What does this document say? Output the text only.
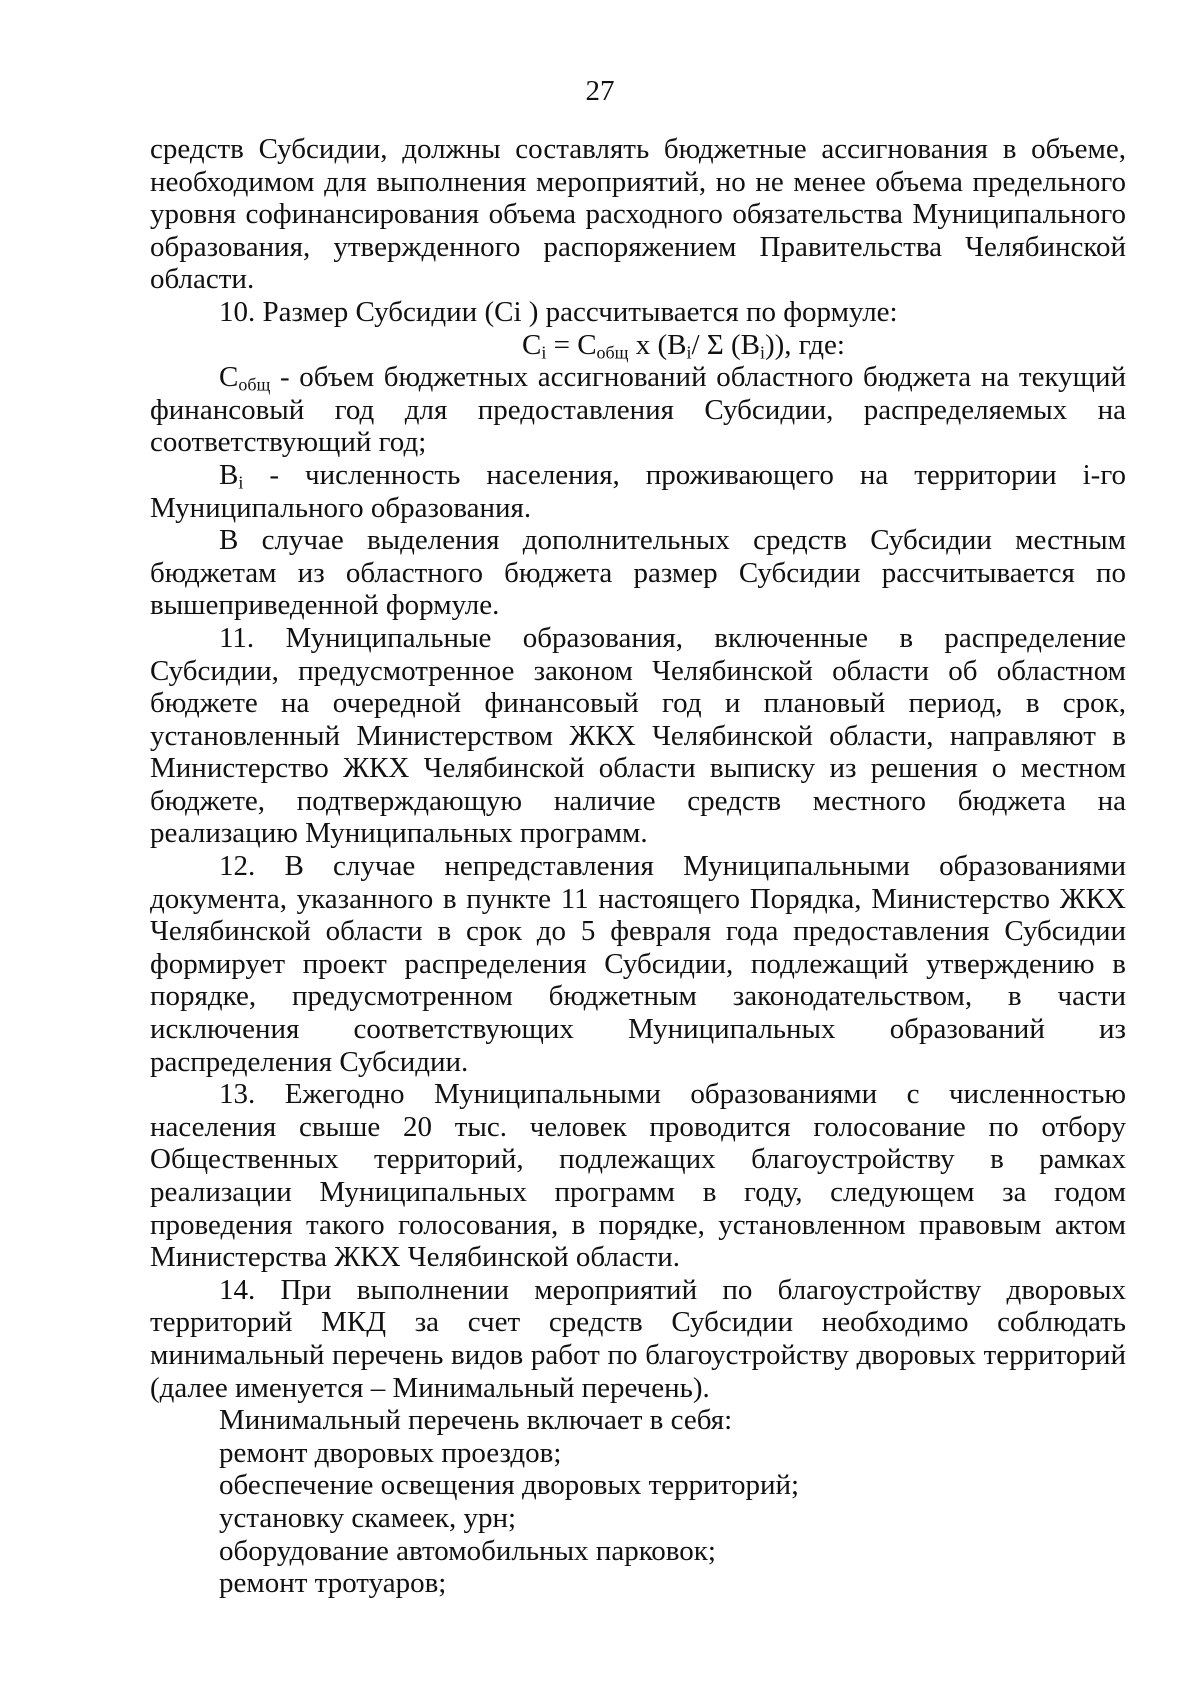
27

средств Субсидии, должны составлять бюджетные ассигнования в объеме, необходимом для выполнения мероприятий, но не менее объема предельного уровня софинансирования объема расходного обязательства Муниципального образования, утвержденного распоряжением Правительства Челябинской области.

10. Размер Субсидии (Ci ) рассчитывается по формуле:

$C_i = C_{общ}$ x ($B_i/$ Σ $(B_i)$), где:

$C_{общ}$ - объем бюджетных ассигнований областного бюджета на текущий финансовый год для предоставления Субсидии, распределяемых на соответствующий год;

$B_i$ - численность населения, проживающего на территории i-го Муниципального образования.

В случае выделения дополнительных средств Субсидии местным бюджетам из областного бюджета размер Субсидии рассчитывается по вышеприведенной формуле.

11. Муниципальные образования, включенные в распределение Субсидии, предусмотренное законом Челябинской области об областном бюджете на очередной финансовый год и плановый период, в срок, установленный Министерством ЖКХ Челябинской области, направляют в Министерство ЖКХ Челябинской области выписку из решения о местном бюджете, подтверждающую наличие средств местного бюджета на реализацию Муниципальных программ.

12. В случае непредставления Муниципальными образованиями документа, указанного в пункте 11 настоящего Порядка, Министерство ЖКХ Челябинской области в срок до 5 февраля года предоставления Субсидии формирует проект распределения Субсидии, подлежащий утверждению в порядке, предусмотренном бюджетным законодательством, в части исключения соответствующих Муниципальных образований из распределения Субсидии.

13. Ежегодно Муниципальными образованиями с численностью населения свыше 20 тыс. человек проводится голосование по отбору Общественных территорий, подлежащих благоустройству в рамках реализации Муниципальных программ в году, следующем за годом проведения такого голосования, в порядке, установленном правовым актом Министерства ЖКХ Челябинской области.

14. При выполнении мероприятий по благоустройству дворовых территорий МКД за счет средств Субсидии необходимо соблюдать минимальный перечень видов работ по благоустройству дворовых территорий (далее именуется – Минимальный перечень).

Минимальный перечень включает в себя:

ремонт дворовых проездов;

обеспечение освещения дворовых территорий;

установку скамеек, урн;

оборудование автомобильных парковок;

ремонт тротуаров;
